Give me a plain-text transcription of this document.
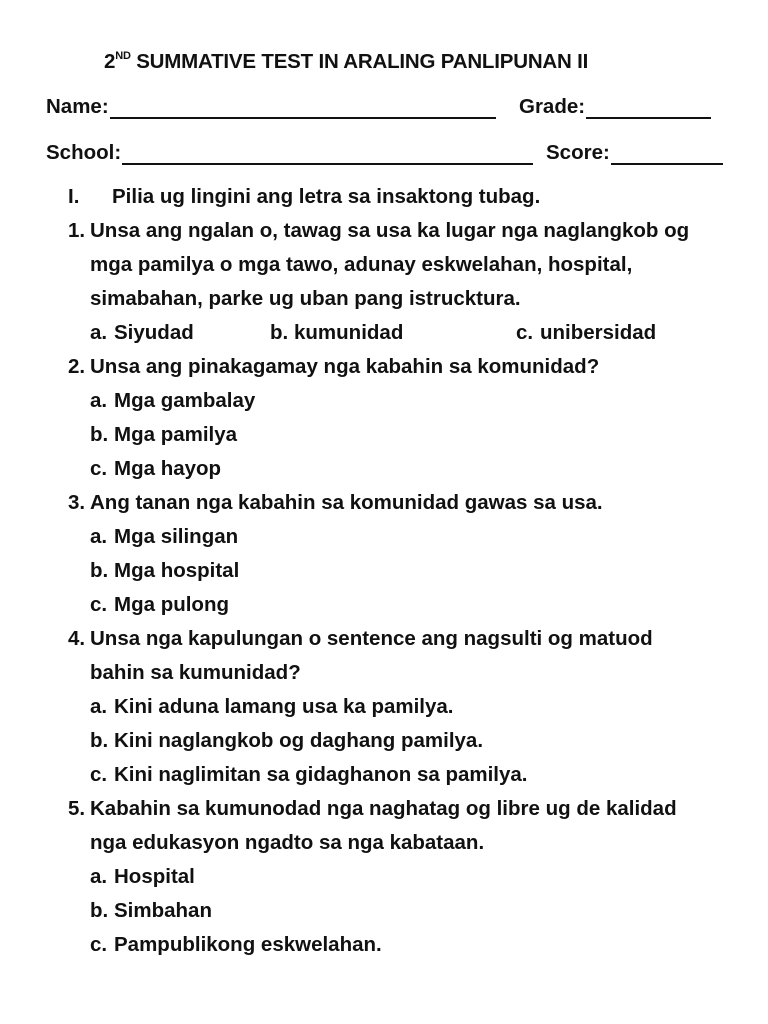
2ND SUMMATIVE TEST IN ARALING PANLIPUNAN II
Name:	Grade:
School:	Score:
I. Pilia ug lingini ang letra sa insaktong tubag.
1. Unsa ang ngalan o, tawag sa usa ka lugar nga naglangkob og
mga pamilya o mga tawo, adunay eskwelahan, hospital,
simabahan, parke ug uban pang istrucktura.
a. Siyudad	b. kumunidad	c. unibersidad
2. Unsa ang pinakagamay nga kabahin sa komunidad?
a. Mga gambalay
b. Mga pamilya
c. Mga hayop
3. Ang tanan nga kabahin sa komunidad gawas sa usa.
a. Mga silingan
b. Mga hospital
c. Mga pulong
4. Unsa nga kapulungan o sentence ang nagsulti og matuod
bahin sa kumunidad?
a. Kini aduna lamang usa ka pamilya.
b. Kini naglangkob og daghang pamilya.
c. Kini naglimitan sa gidaghanon sa pamilya.
5. Kabahin sa kumunodad nga naghatag og libre ug de kalidad
nga edukasyon ngadto sa nga kabataan.
a. Hospital
b. Simbahan
c. Pampublikong eskwelahan.
